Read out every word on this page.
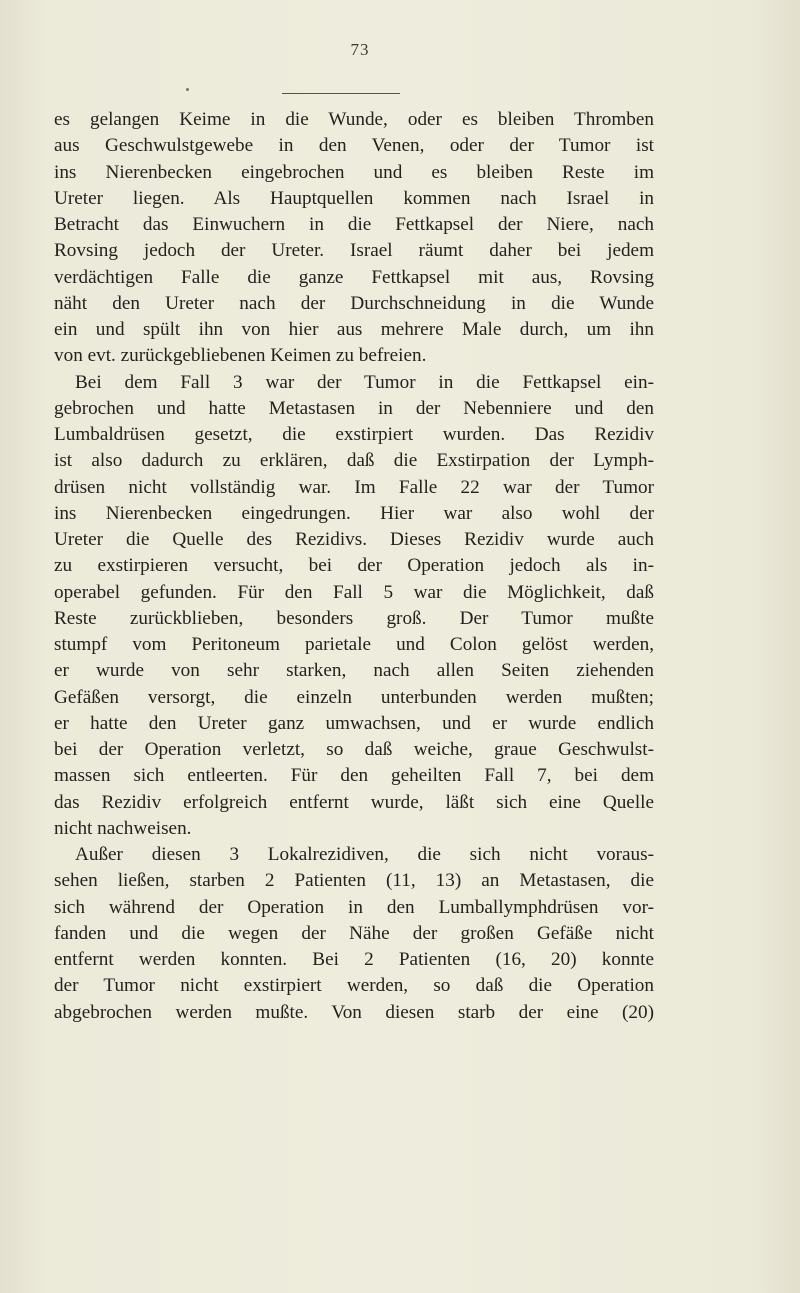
73
es gelangen Keime in die Wunde, oder es bleiben Thromben
aus Geschwulstgewebe in den Venen, oder der Tumor ist
ins Nierenbecken eingebrochen und es bleiben Reste im
Ureter liegen. Als Hauptquellen kommen nach Israel in
Betracht das Einwuchern in die Fettkapsel der Niere, nach
Rovsing jedoch der Ureter. Israel räumt daher bei jedem
verdächtigen Falle die ganze Fettkapsel mit aus, Rovsing
näht den Ureter nach der Durchschneidung in die Wunde
ein und spült ihn von hier aus mehrere Male durch, um ihn
von evt. zurückgebliebenen Keimen zu befreien.
Bei dem Fall 3 war der Tumor in die Fettkapsel ein-
gebrochen und hatte Metastasen in der Nebenniere und den
Lumbaldrüsen gesetzt, die exstirpiert wurden. Das Rezidiv
ist also dadurch zu erklären, daß die Exstirpation der Lymph-
drüsen nicht vollständig war. Im Falle 22 war der Tumor
ins Nierenbecken eingedrungen. Hier war also wohl der
Ureter die Quelle des Rezidivs. Dieses Rezidiv wurde auch
zu exstirpieren versucht, bei der Operation jedoch als in-
operabel gefunden. Für den Fall 5 war die Möglichkeit, daß
Reste zurückblieben, besonders groß. Der Tumor mußte
stumpf vom Peritoneum parietale und Colon gelöst werden,
er wurde von sehr starken, nach allen Seiten ziehenden
Gefäßen versorgt, die einzeln unterbunden werden mußten;
er hatte den Ureter ganz umwachsen, und er wurde endlich
bei der Operation verletzt, so daß weiche, graue Geschwulst-
massen sich entleerten. Für den geheilten Fall 7, bei dem
das Rezidiv erfolgreich entfernt wurde, läßt sich eine Quelle
nicht nachweisen.
Außer diesen 3 Lokalrezidiven, die sich nicht voraus-
sehen ließen, starben 2 Patienten (11, 13) an Metastasen, die
sich während der Operation in den Lumballymphdrüsen vor-
fanden und die wegen der Nähe der großen Gefäße nicht
entfernt werden konnten. Bei 2 Patienten (16, 20) konnte
der Tumor nicht exstirpiert werden, so daß die Operation
abgebrochen werden mußte. Von diesen starb der eine (20)
